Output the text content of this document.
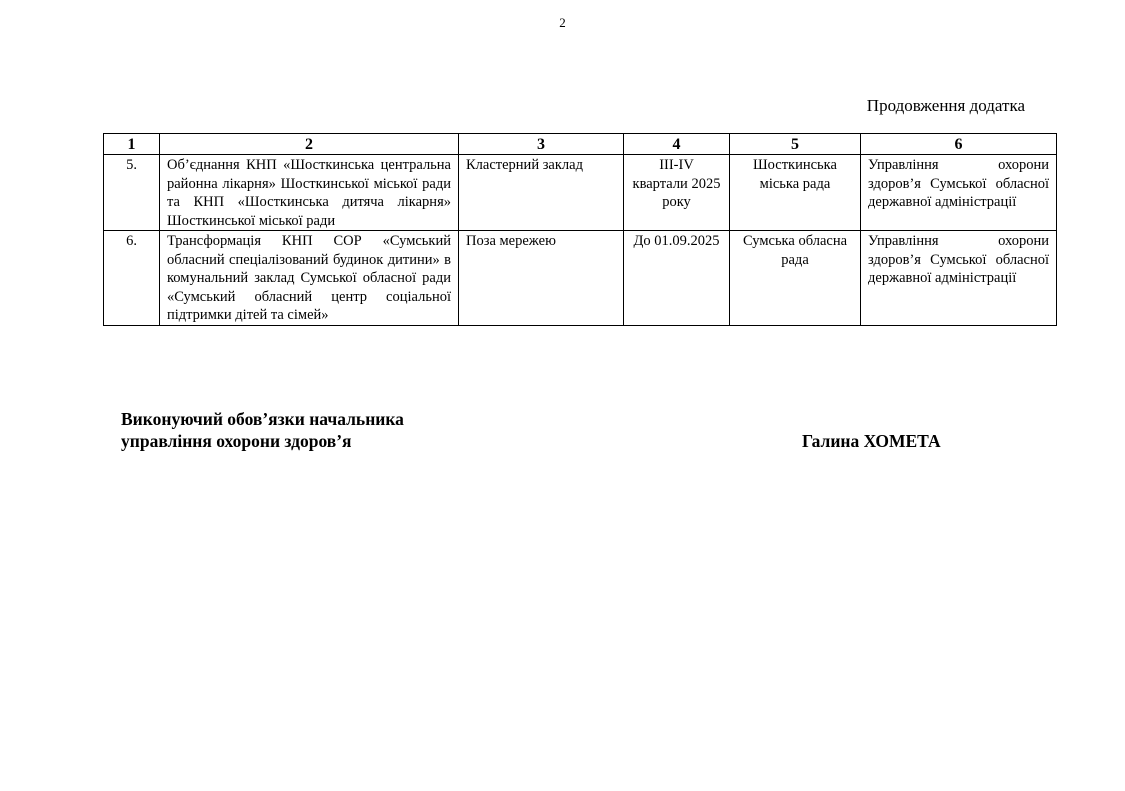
2
Продовження додатка
1	2	3	4	5	6
5.	Об’єднання КНП «Шосткинська центральна районна лікарня» Шосткинської міської ради та КНП «Шосткинська дитяча лікарня» Шосткинської міської ради	Кластерний заклад	III-IV квартали 2025 року	Шосткинська міська рада	Управління охорони здоров’я Сумської обласної державної адміністрації
6.	Трансформація КНП СОР «Сумський обласний спеціалізований будинок дитини» в комунальний заклад Сумської обласної ради «Сумський обласний центр соціальної підтримки дітей та сімей»	Поза мережею	До 01.09.2025	Сумська обласна рада	Управління охорони здоров’я Сумської обласної державної адміністрації
Виконуючий обов’язки начальника
управління охорони здоров’я	Галина ХОМЕТА
